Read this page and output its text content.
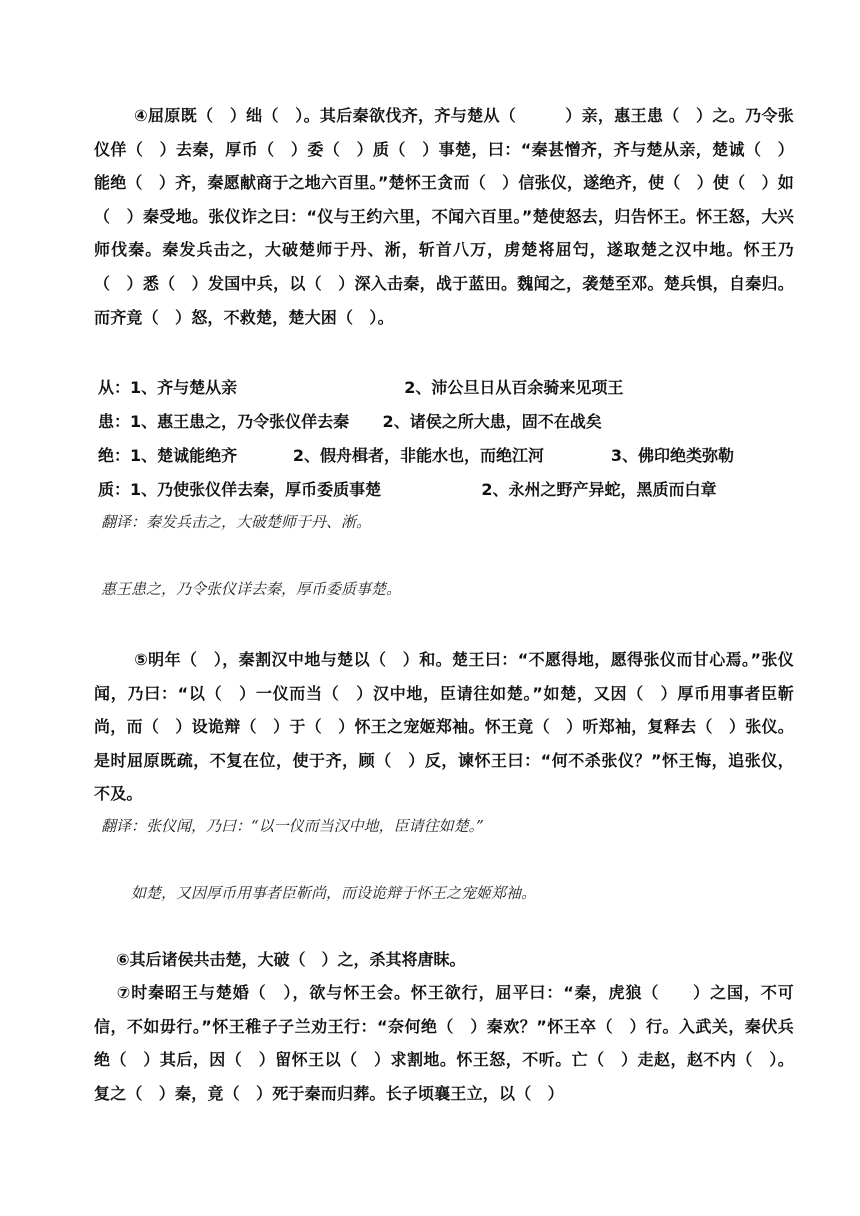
④屈原既（　）绌（　）。其后秦欲伐齐，齐与楚从（　　　）亲，惠王患（　）之。乃令张仪佯（　）去秦，厚币（　）委（　）质（　）事楚，曰：“秦甚憎齐，齐与楚从亲，楚诚（　）能绝（　）齐，秦愿献商于之地六百里。”楚怀王贪而（　）信张仪，遂绝齐，使（　）使（　）如（　）秦受地。张仪诈之曰：“仪与王约六里，不闻六百里。”楚使怒去，归告怀王。怀王怒，大兴师伐秦。秦发兵击之，大破楚师于丹、淅，斩首八万，虏楚将屈匄，遂取楚之汉中地。怀王乃（　）悉（　）发国中兵，以（　）深入击秦，战于蓝田。魏闻之，袭楚至邓。楚兵惧，自秦归。而齐竟（　）怒，不救楚，楚大困（　）。

从：1、齐与楚从亲                              2、沛公旦日从百余骑来见项王
患：1、惠王患之，乃令张仪佯去秦      2、诸侯之所大患，固不在战矣
绝：1、楚诚能绝齐          2、假舟楫者，非能水也，而绝江河            3、佛印绝类弥勒
质：1、乃使张仪佯去秦，厚币委质事楚                  2、永州之野产异蛇，黑质而白章
翻译：秦发兵击之，大破楚师于丹、淅。
惠王患之，乃令张仪详去秦，厚币委质事楚。

⑤明年（　），秦割汉中地与楚以（　）和。楚王曰：“不愿得地，愿得张仪而甘心焉。”张仪闻，乃曰：“以（　）一仪而当（　）汉中地，臣请往如楚。”如楚，又因（　）厚币用事者臣靳尚，而（　）设诡辩（　）于（　）怀王之宠姬郑袖。怀王竟（　）听郑袖，复释去（　）张仪。是时屈原既疏，不复在位，使于齐，顾（　）反，谏怀王曰：“何不杀张仪？”怀王悔，追张仪，不及。

翻译：张仪闻，乃曰：“以一仪而当汉中地，臣请往如楚。”
如楚，又因厚币用事者臣靳尚，而设诡辩于怀王之宠姬郑袖。
⑥其后诸侯共击楚，大破（　）之，杀其将唐眜。

⑦时秦昭王与楚婚（　），欲与怀王会。怀王欲行，屈平曰：“秦，虎狼（　　）之国，不可信，不如毋行。”怀王稚子子兰劝王行：“奈何绝（　）秦欢？”怀王卒（　）行。入武关，秦伏兵绝（　）其后，因（　）留怀王以（　）求割地。怀王怒，不听。亡（　）走赵，赵不内（　）。复之（　）秦，竟（　）死于秦而归葬。长子顷襄王立，以（　）
